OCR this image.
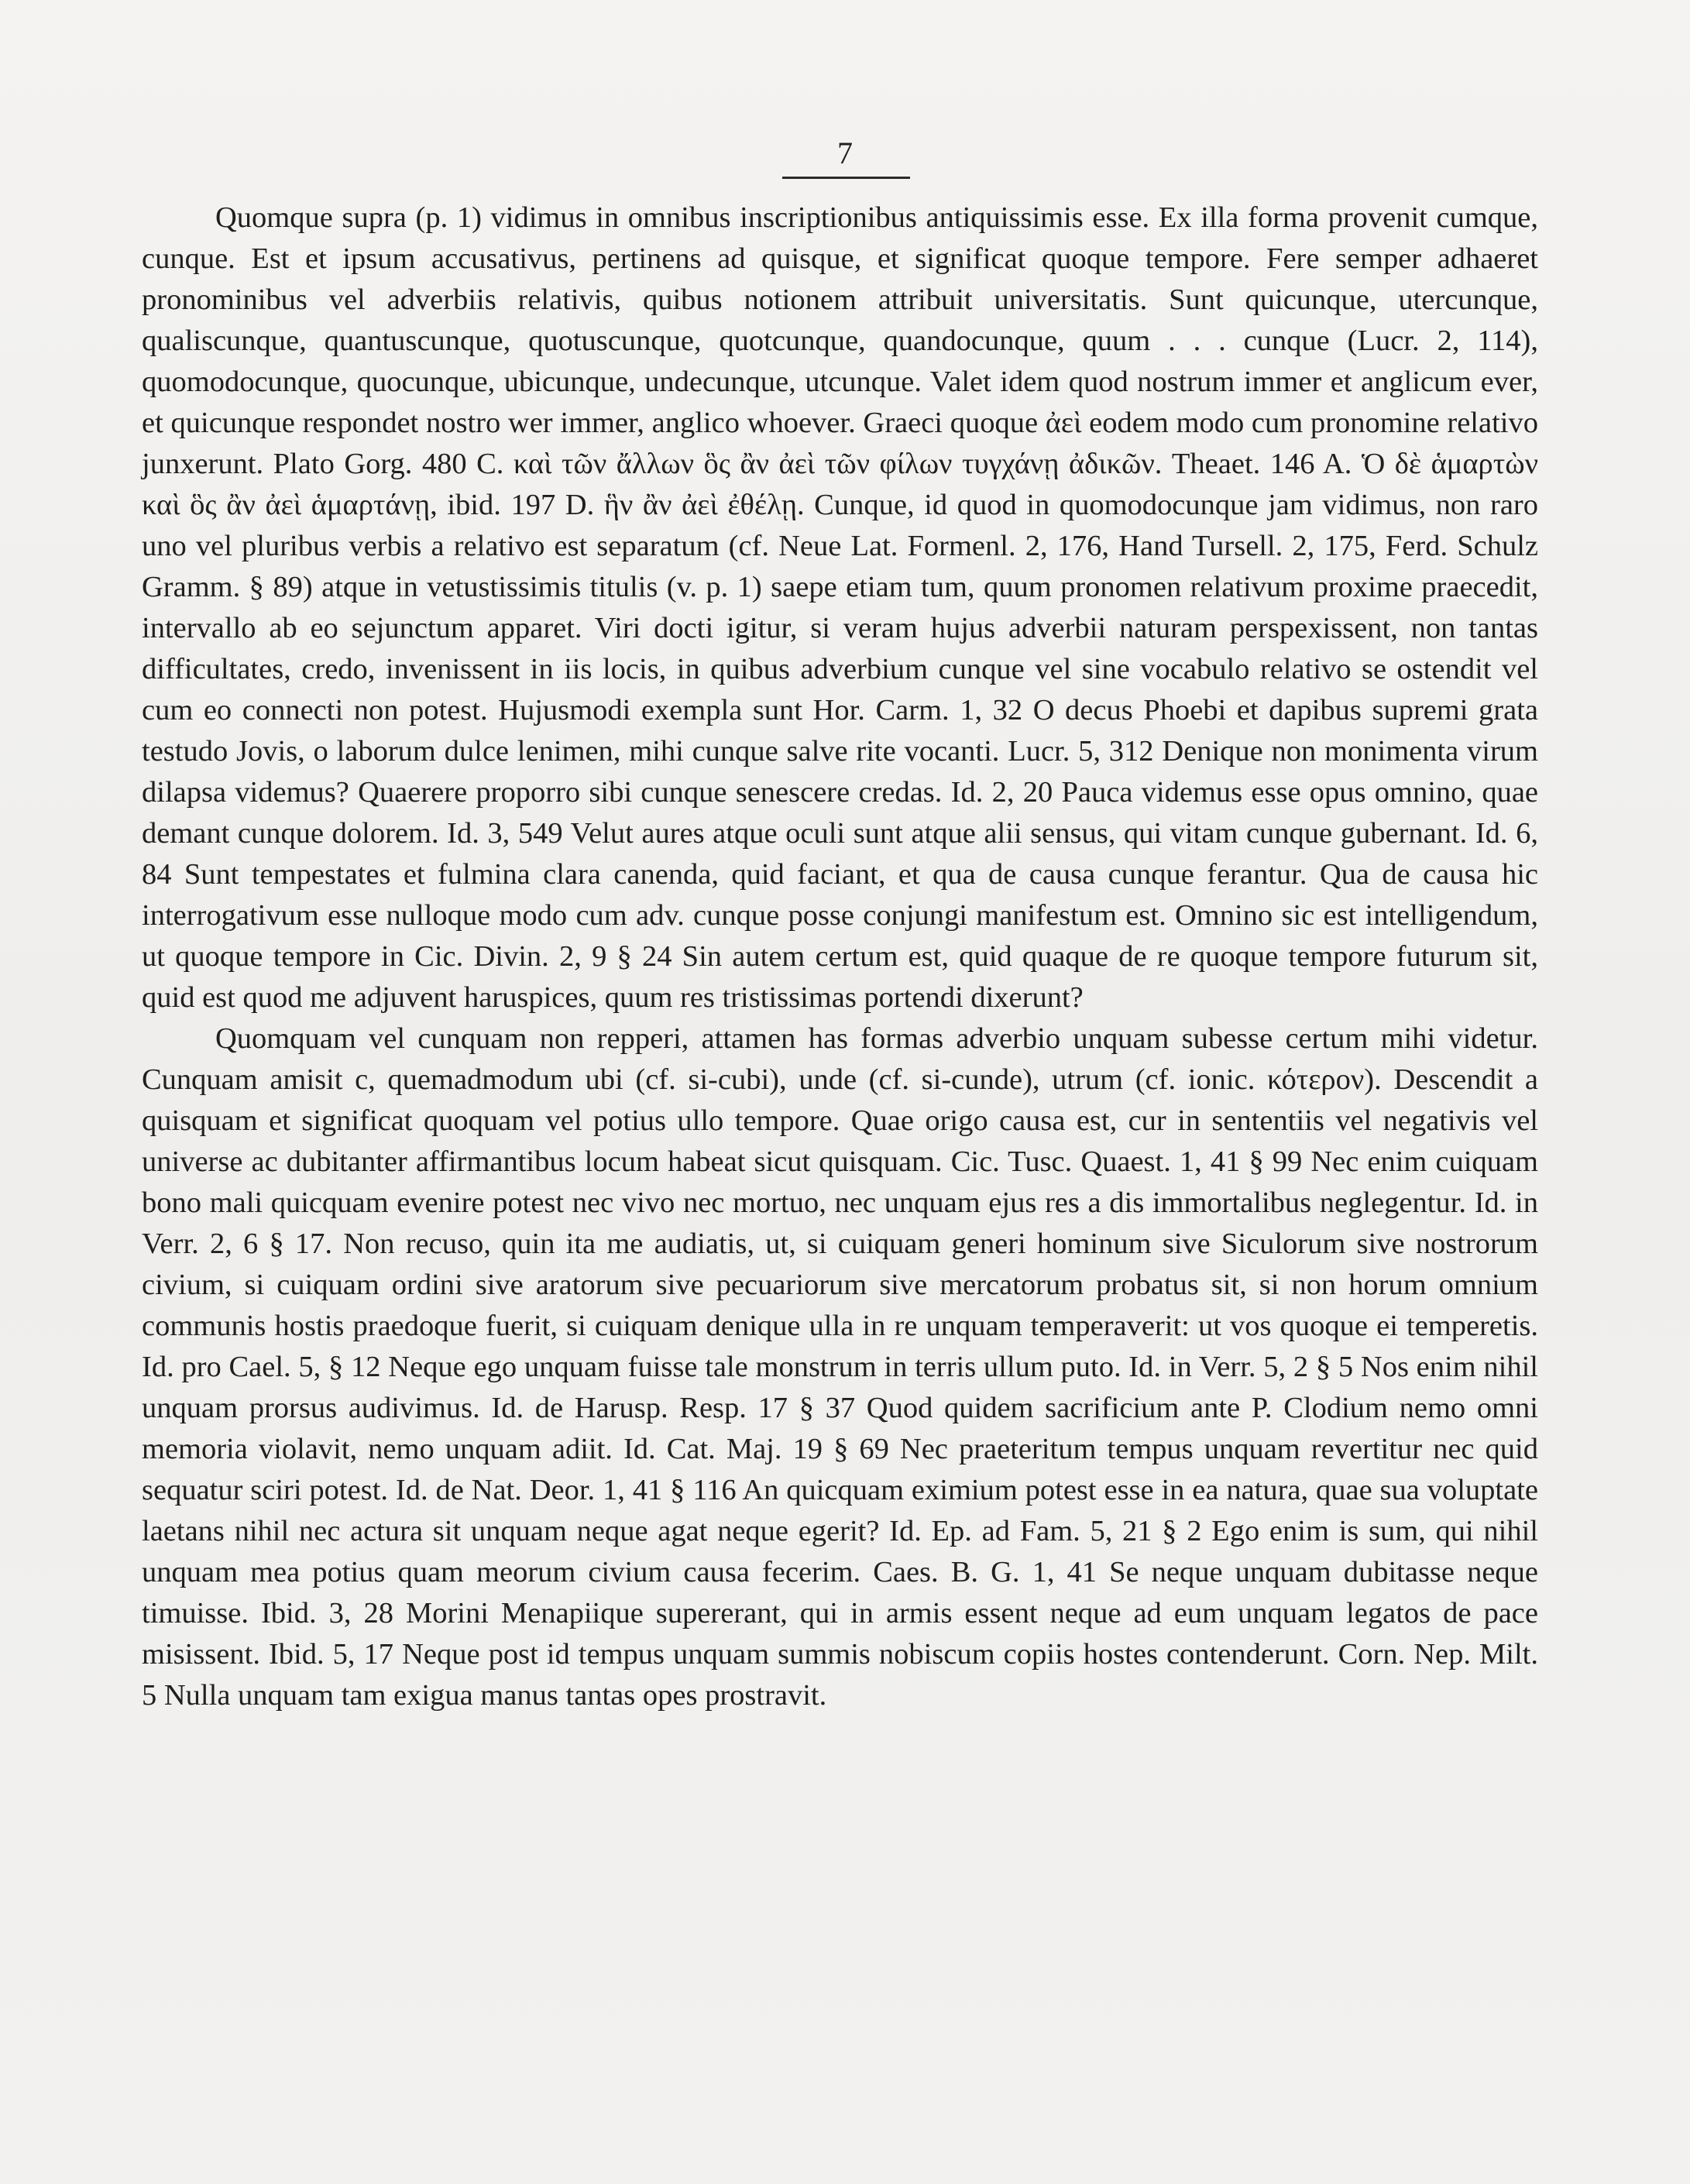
7

Quomque supra (p. 1) vidimus in omnibus inscriptionibus antiquissimis esse. Ex illa forma provenit cumque, cunque. Est et ipsum accusativus, pertinens ad quisque, et significat quoque tempore. Fere semper adhaeret pronominibus vel adverbiis relativis, quibus notionem attribuit universitatis. Sunt quicunque, utercunque, qualiscunque, quantuscunque, quotuscunque, quotcunque, quandocunque, quum . . . cunque (Lucr. 2, 114), quomodocunque, quocunque, ubicunque, undecunque, utcunque. Valet idem quod nostrum immer et anglicum ever, et quicunque respondet nostro wer immer, anglico whoever. Graeci quoque ἀεὶ eodem modo cum pronomine relativo junxerunt. Plato Gorg. 480 C. καὶ τῶν ἄλλων ὃς ἂν ἀεὶ τῶν φίλων τυγχάνῃ ἀδικῶν. Theaet. 146 A. Ὁ δὲ ἁμαρτὼν καὶ ὃς ἂν ἀεὶ ἁμαρτάνῃ, ibid. 197 D. ἣν ἂν ἀεὶ ἐθέλῃ. Cunque, id quod in quomodocunque jam vidimus, non raro uno vel pluribus verbis a relativo est separatum (cf. Neue Lat. Formenl. 2, 176, Hand Tursell. 2, 175, Ferd. Schulz Gramm. § 89) atque in vetustissimis titulis (v. p. 1) saepe etiam tum, quum pronomen relativum proxime praecedit, intervallo ab eo sejunctum apparet. Viri docti igitur, si veram hujus adverbii naturam perspexissent, non tantas difficultates, credo, invenissent in iis locis, in quibus adverbium cunque vel sine vocabulo relativo se ostendit vel cum eo connecti non potest. Hujusmodi exempla sunt Hor. Carm. 1, 32 O decus Phoebi et dapibus supremi grata testudo Jovis, o laborum dulce lenimen, mihi cunque salve rite vocanti. Lucr. 5, 312 Denique non monimenta virum dilapsa videmus? Quaerere proporro sibi cunque senescere credas. Id. 2, 20 Pauca videmus esse opus omnino, quae demant cunque dolorem. Id. 3, 549 Velut aures atque oculi sunt atque alii sensus, qui vitam cunque gubernant. Id. 6, 84 Sunt tempestates et fulmina clara canenda, quid faciant, et qua de causa cunque ferantur. Qua de causa hic interrogativum esse nulloque modo cum adv. cunque posse conjungi manifestum est. Omnino sic est intelligendum, ut quoque tempore in Cic. Divin. 2, 9 § 24 Sin autem certum est, quid quaque de re quoque tempore futurum sit, quid est quod me adjuvent haruspices, quum res tristissimas portendi dixerunt?

Quomquam vel cunquam non repperi, attamen has formas adverbio unquam subesse certum mihi videtur. Cunquam amisit c, quemadmodum ubi (cf. si-cubi), unde (cf. si-cunde), utrum (cf. ionic. κότερον). Descendit a quisquam et significat quoquam vel potius ullo tempore. Quae origo causa est, cur in sententiis vel negativis vel universe ac dubitanter affirmantibus locum habeat sicut quisquam. Cic. Tusc. Quaest. 1, 41 § 99 Nec enim cuiquam bono mali quicquam evenire potest nec vivo nec mortuo, nec unquam ejus res a dis immortalibus neglegentur. Id. in Verr. 2, 6 § 17. Non recuso, quin ita me audiatis, ut, si cuiquam generi hominum sive Siculorum sive nostrorum civium, si cuiquam ordini sive aratorum sive pecuariorum sive mercatorum probatus sit, si non horum omnium communis hostis praedoque fuerit, si cuiquam denique ulla in re unquam temperaverit: ut vos quoque ei temperetis. Id. pro Cael. 5, § 12 Neque ego unquam fuisse tale monstrum in terris ullum puto. Id. in Verr. 5, 2 § 5 Nos enim nihil unquam prorsus audivimus. Id. de Harusp. Resp. 17 § 37 Quod quidem sacrificium ante P. Clodium nemo omni memoria violavit, nemo unquam adiit. Id. Cat. Maj. 19 § 69 Nec praeteritum tempus unquam revertitur nec quid sequatur sciri potest. Id. de Nat. Deor. 1, 41 § 116 An quicquam eximium potest esse in ea natura, quae sua voluptate laetans nihil nec actura sit unquam neque agat neque egerit? Id. Ep. ad Fam. 5, 21 § 2 Ego enim is sum, qui nihil unquam mea potius quam meorum civium causa fecerim. Caes. B. G. 1, 41 Se neque unquam dubitasse neque timuisse. Ibid. 3, 28 Morini Menapiique supererant, qui in armis essent neque ad eum unquam legatos de pace misissent. Ibid. 5, 17 Neque post id tempus unquam summis nobiscum copiis hostes contenderunt. Corn. Nep. Milt. 5 Nulla unquam tam exigua manus tantas opes prostravit.
